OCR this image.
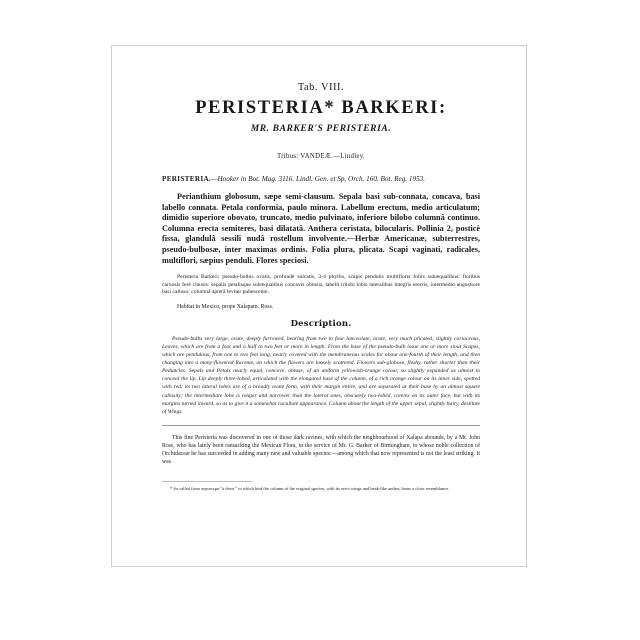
Tab. VIII.
PERISTERIA* BARKERI:
MR. BARKER'S PERISTERIA.
Tribus: VANDEÆ.—Lindley.
PERISTERIA.—Hooker in Bot. Mag. 3116. Lindl. Gen. et Sp. Orch. 160. Bot. Reg. 1953.

Perianthium globosum, sæpe semi-clausum. Sepala basi sub-connata, concava, basi labello connata. Petala conformia, paulo minora. Labellum erectum, medio articulatum; dimidio superiore obovato, truncato, medio pulvinato, inferiore bilobo columnâ continuo. Columna erecta semiteres, basi dilatatâ. Anthera ceristata, bilocularis. Pollinia 2, posticè fissa, glandulâ sessili nudâ rostellum involvente.—Herbæ Americanæ, subterrestres, pseudo-bulbosæ, inter maximas ordinis. Folia plura, plicata. Scapi vaginati, radicales, multiflori, sæpius penduli. Flores speciosi.

Peristeria Barkeri; pseudo-bulbis ovatis, profundè sulcatis, 3-4 phyllis, scapis pendulis multifloris foliis subæqualibus: floribus carnosis ferè clausis: sepalis petalisque subæqualibus concavis obtusis, labelli trilobi lobis lateralibus integris erectis, intermedio angustiore basi calloso: columnâ apterâ leviter pubescente.

Habitat in Mexico, prope Xalapam. Ross.
Description.

Pseudo-bulbs very large, ovate, deeply furrowed, bearing from two to four lanceolate, acute, very much plicated, slightly coriaceous, Leaves, which are from a foot and a half to two feet or more in length. From the base of the pseudo-bulb issue one or more stout Scapes, which are pendulous, from one to two feet long, nearly covered with the membraneous scales for about one-fourth of their length, and then changing into a many-flowered Raceme, on which the flowers are loosely scattered. Flowers sub-globose, fleshy, rather shorter than their Peduncles. Sepals and Petals nearly equal, concave, obtuse, of an uniform yellowish-orange colour, so slightly expanded as almost to conceal the lip. Lip deeply three-lobed, articulated with the elongated base of the column, of a rich orange colour on its inner side, spotted with red; its two lateral lobes are of a broadly ovate form, with their margin entire, and are separated at their base by an almost square callosity; the intermediate lobe is longer and narrower than the lateral ones, obscurely two-lobed, convex on its outer face, but with its margins turned inward, so as to give it a somewhat cucullate appearance. Column about the length of the upper sepal, slightly hairy, destitute of Wings.

This fine Peristeria was discovered in one of those dark ravines, with which the neighbourhood of Xalapa abounds, by a Mr. John Ross, who has lately been ransacking the Mexican Flora, in the service of Mr. G. Barker of Birmingham, to whose noble collection of Orchidaceæ he has succeeded in adding many new and valuable species:—among which that now represented is not the least striking. It was

* So called from περιστερα "a dove," to which bird the column of the original species, with its erect wings and beak-like anther, bears a close resemblance.
